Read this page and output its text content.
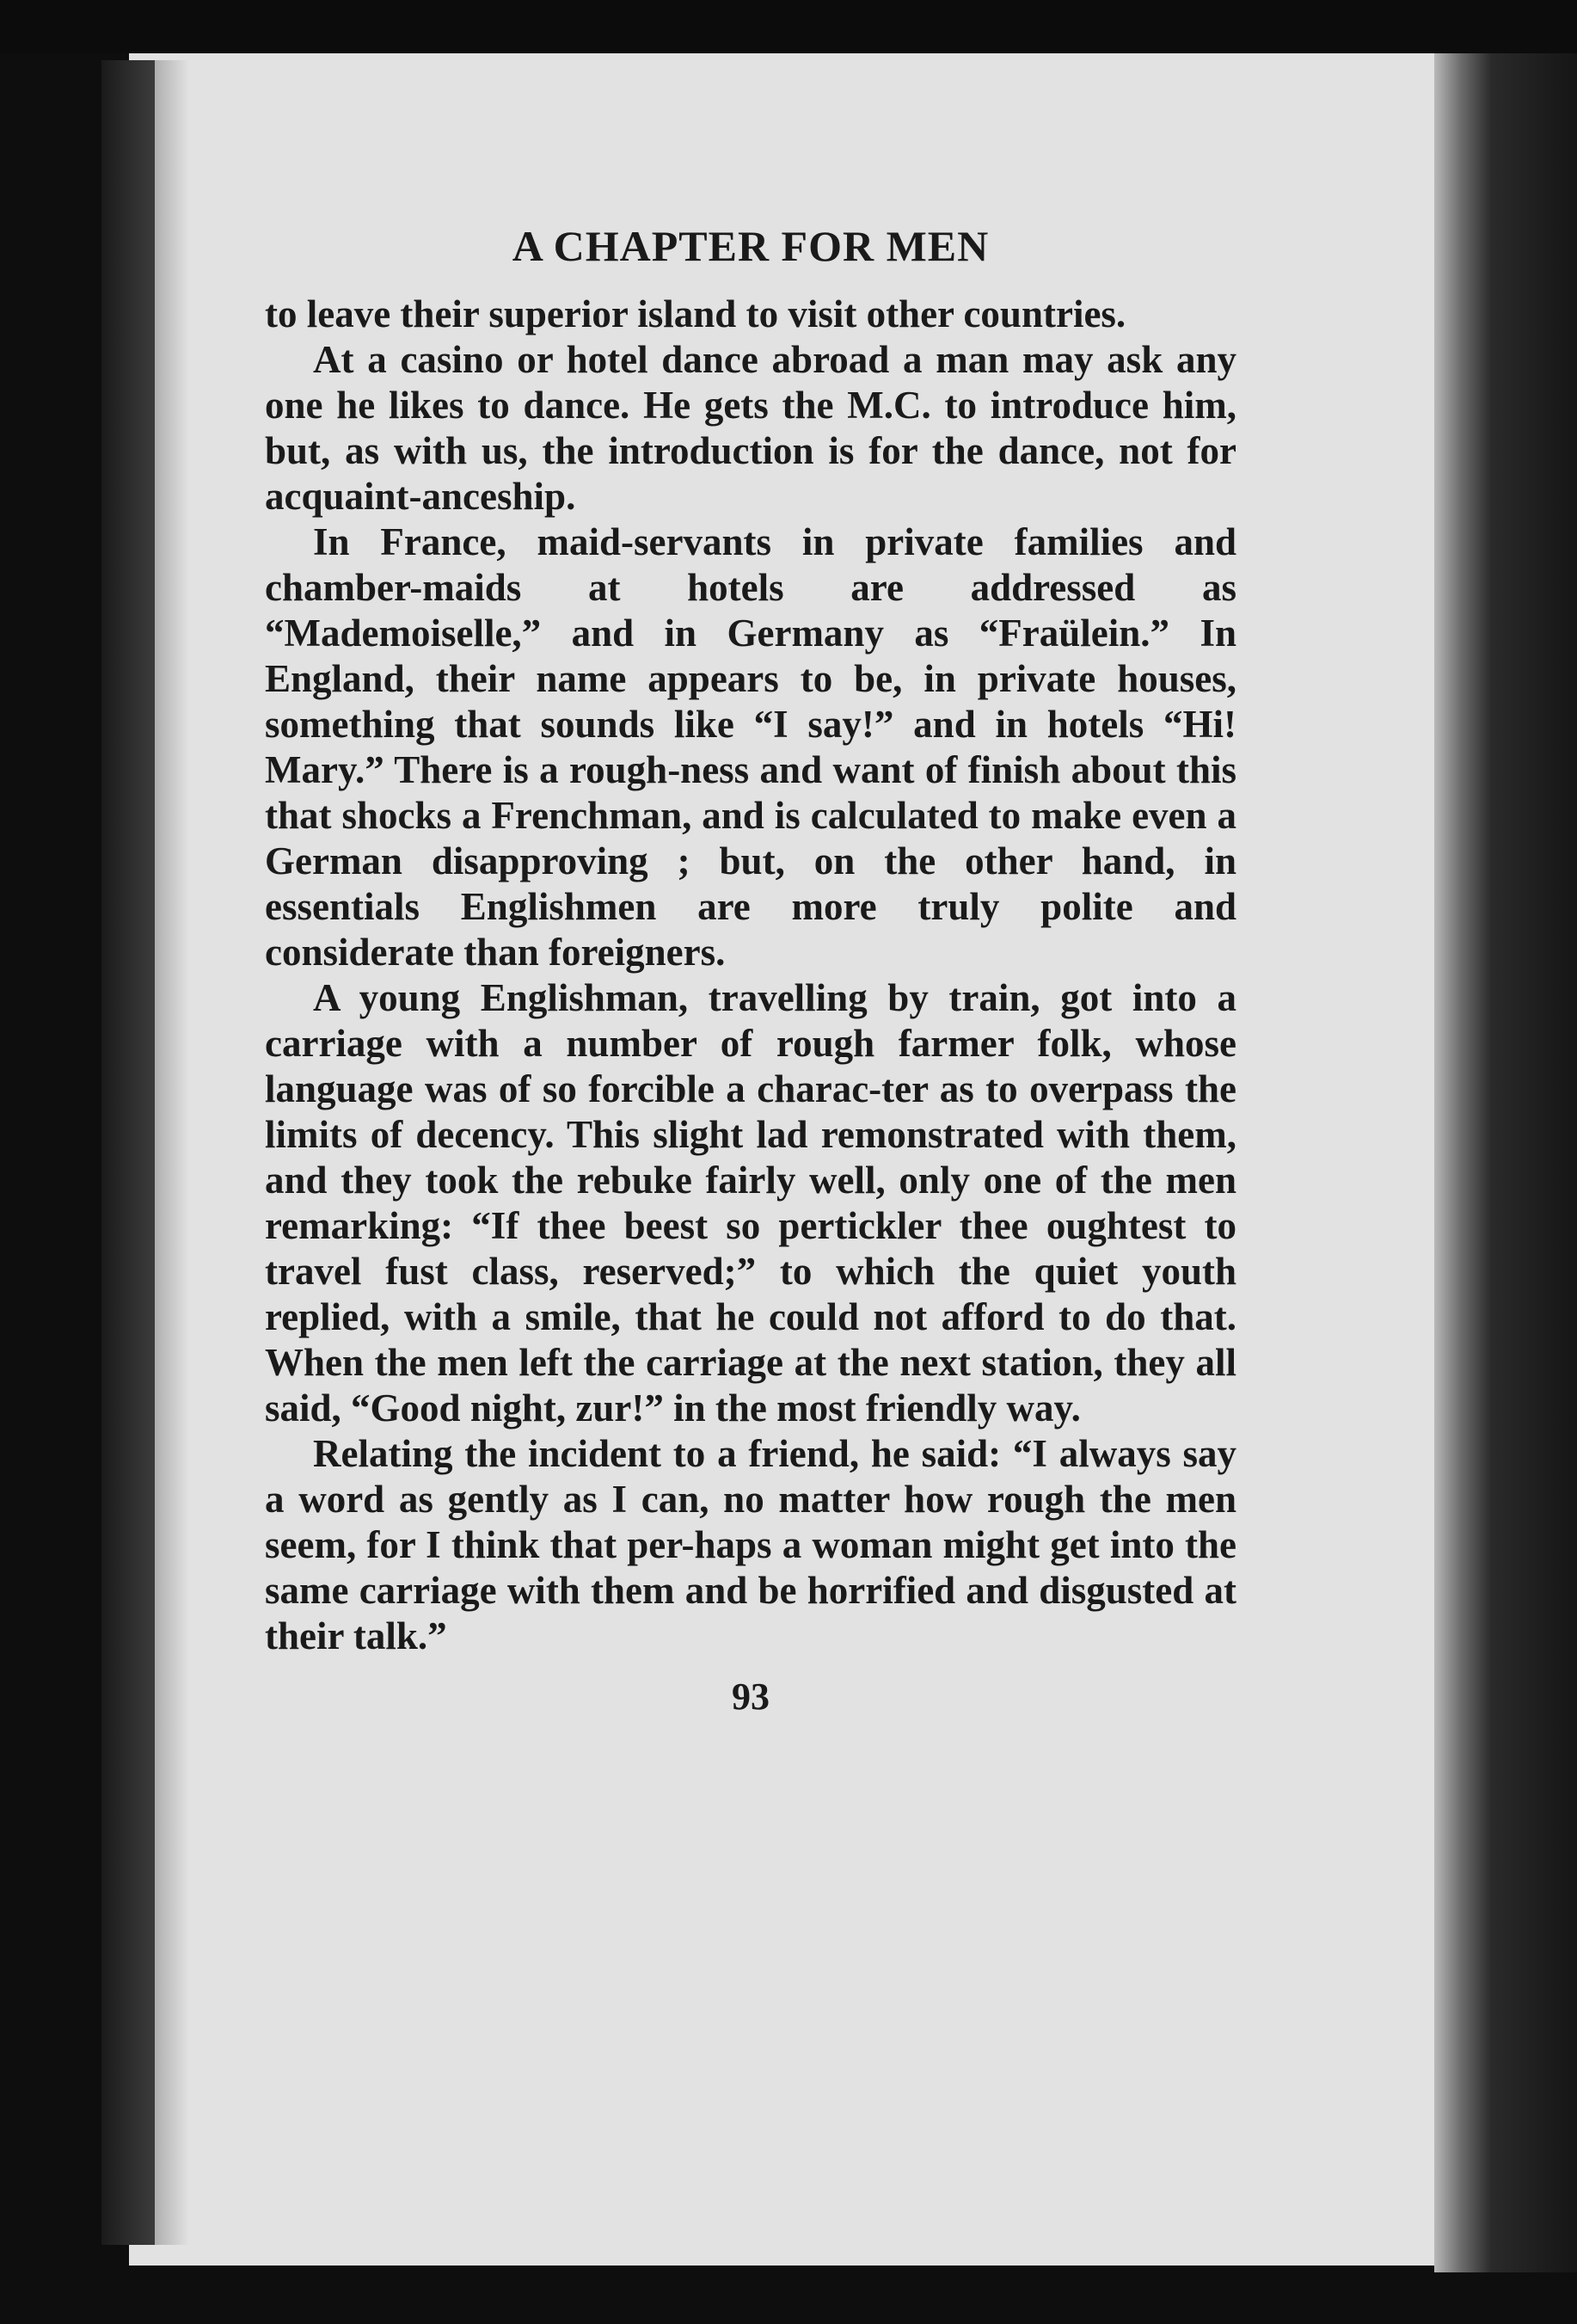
A CHAPTER FOR MEN

to leave their superior island to visit other countries.

At a casino or hotel dance abroad a man may ask any one he likes to dance. He gets the M.C. to introduce him, but, as with us, the introduction is for the dance, not for acquaint-anceship.

In France, maid-servants in private families and chamber-maids at hotels are addressed as “Mademoiselle,” and in Germany as “Fraülein.” In England, their name appears to be, in private houses, something that sounds like “I say!” and in hotels “Hi! Mary.” There is a rough-ness and want of finish about this that shocks a Frenchman, and is calculated to make even a German disapproving ; but, on the other hand, in essentials Englishmen are more truly polite and considerate than foreigners.

A young Englishman, travelling by train, got into a carriage with a number of rough farmer folk, whose language was of so forcible a charac-ter as to overpass the limits of decency. This slight lad remonstrated with them, and they took the rebuke fairly well, only one of the men remarking: “If thee beest so pertickler thee oughtest to travel fust class, reserved;” to which the quiet youth replied, with a smile, that he could not afford to do that. When the men left the carriage at the next station, they all said, “Good night, zur!” in the most friendly way.

Relating the incident to a friend, he said: “I always say a word as gently as I can, no matter how rough the men seem, for I think that per-haps a woman might get into the same carriage with them and be horrified and disgusted at their talk.”

93
